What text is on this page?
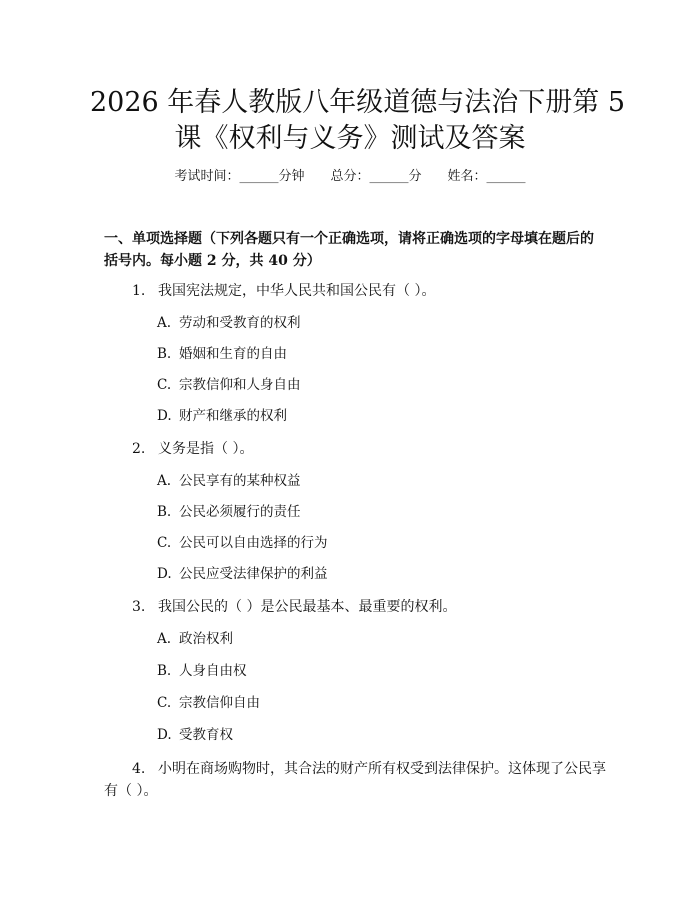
2026 年春人教版八年级道德与法治下册第 5
课《权利与义务》测试及答案
考试时间：______分钟 总分：______分 姓名：______
一、单项选择题（下列各题只有一个正确选项，请将正确选项的字母填在题后的
括号内。每小题 2 分，共 40 分）
1. 我国宪法规定，中华人民共和国公民有（ ）。
A. 劳动和受教育的权利
B. 婚姻和生育的自由
C. 宗教信仰和人身自由
D. 财产和继承的权利
2. 义务是指（ ）。
A. 公民享有的某种权益
B. 公民必须履行的责任
C. 公民可以自由选择的行为
D. 公民应受法律保护的利益
3. 我国公民的（ ）是公民最基本、最重要的权利。
A. 政治权利
B. 人身自由权
C. 宗教信仰自由
D. 受教育权
4. 小明在商场购物时，其合法的财产所有权受到法律保护。这体现了公民享
有（ ）。
